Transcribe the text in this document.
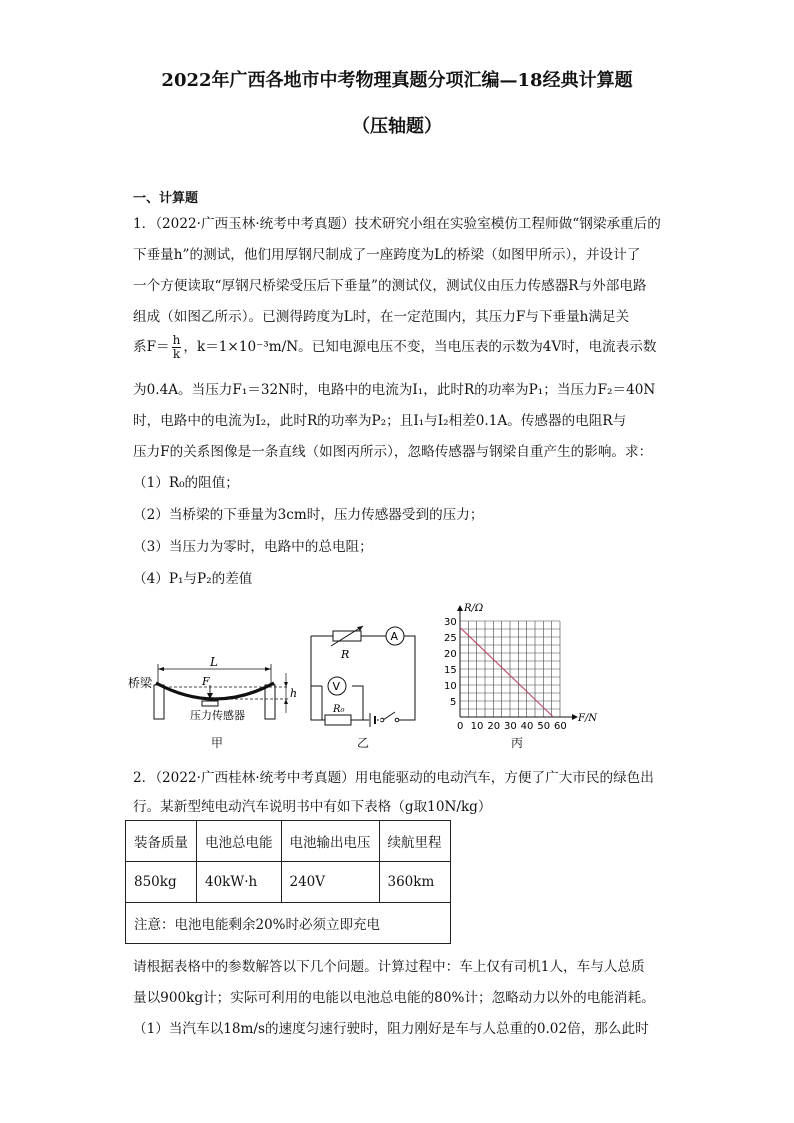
2022年广西各地市中考物理真题分项汇编—18经典计算题
（压轴题）
一、计算题
1．（2022·广西玉林·统考中考真题）技术研究小组在实验室模仿工程师做“钢梁承重后的
下垂量h”的测试，他们用厚钢尺制成了一座跨度为L的桥梁（如图甲所示），并设计了
一个方便读取“厚钢尺桥梁受压后下垂量”的测试仪，测试仪由压力传感器R与外部电路
组成（如图乙所示）。已测得跨度为L时，在一定范围内，其压力F与下垂量h满足关
系$F= \frac{h}{k}$ ，k＝1×10⁻³m/N。已知电源电压不变，当电压表的示数为4V时，电流表示数
为0.4A。当压力F₁＝32N时，电路中的电流为I₁，此时R的功率为P₁；当压力F₂＝40N
时，电路中的电流为I₂，此时R的功率为P₂；且I₁与I₂相差0.1A。传感器的电阻R与
压力F的关系图像是一条直线（如图丙所示），忽略传感器与钢梁自重产生的影响。求：
（1）R₀的阻值；
（2）当桥梁的下垂量为3cm时，压力传感器受到的压力；
（3）当压力为零时，电路中的总电阻；
（4）P₁与P₂的差值
桥梁
L
F
h
压力传感器
甲
A
R
V
R₀
乙
0 10 20 30 40 50 60
5
10
15
20
25
30
F/N
R/Ω
丙
2．（2022·广西桂林·统考中考真题）用电能驱动的电动汽车，方便了广大市民的绿色出
行。某新型纯电动汽车说明书中有如下表格（g取10N/kg）
装备质量	电池总电能	电池输出电压	续航里程
850kg	40kW·h	240V	360km
注意：电池电能剩余20%时必须立即充电			
请根据表格中的参数解答以下几个问题。计算过程中：车上仅有司机1人，车与人总质
量以900kg计；实际可利用的电能以电池总电能的80%计；忽略动力以外的电能消耗。
（1）当汽车以18m/s的速度匀速行驶时，阻力刚好是车与人总重的0.02倍，那么此时
